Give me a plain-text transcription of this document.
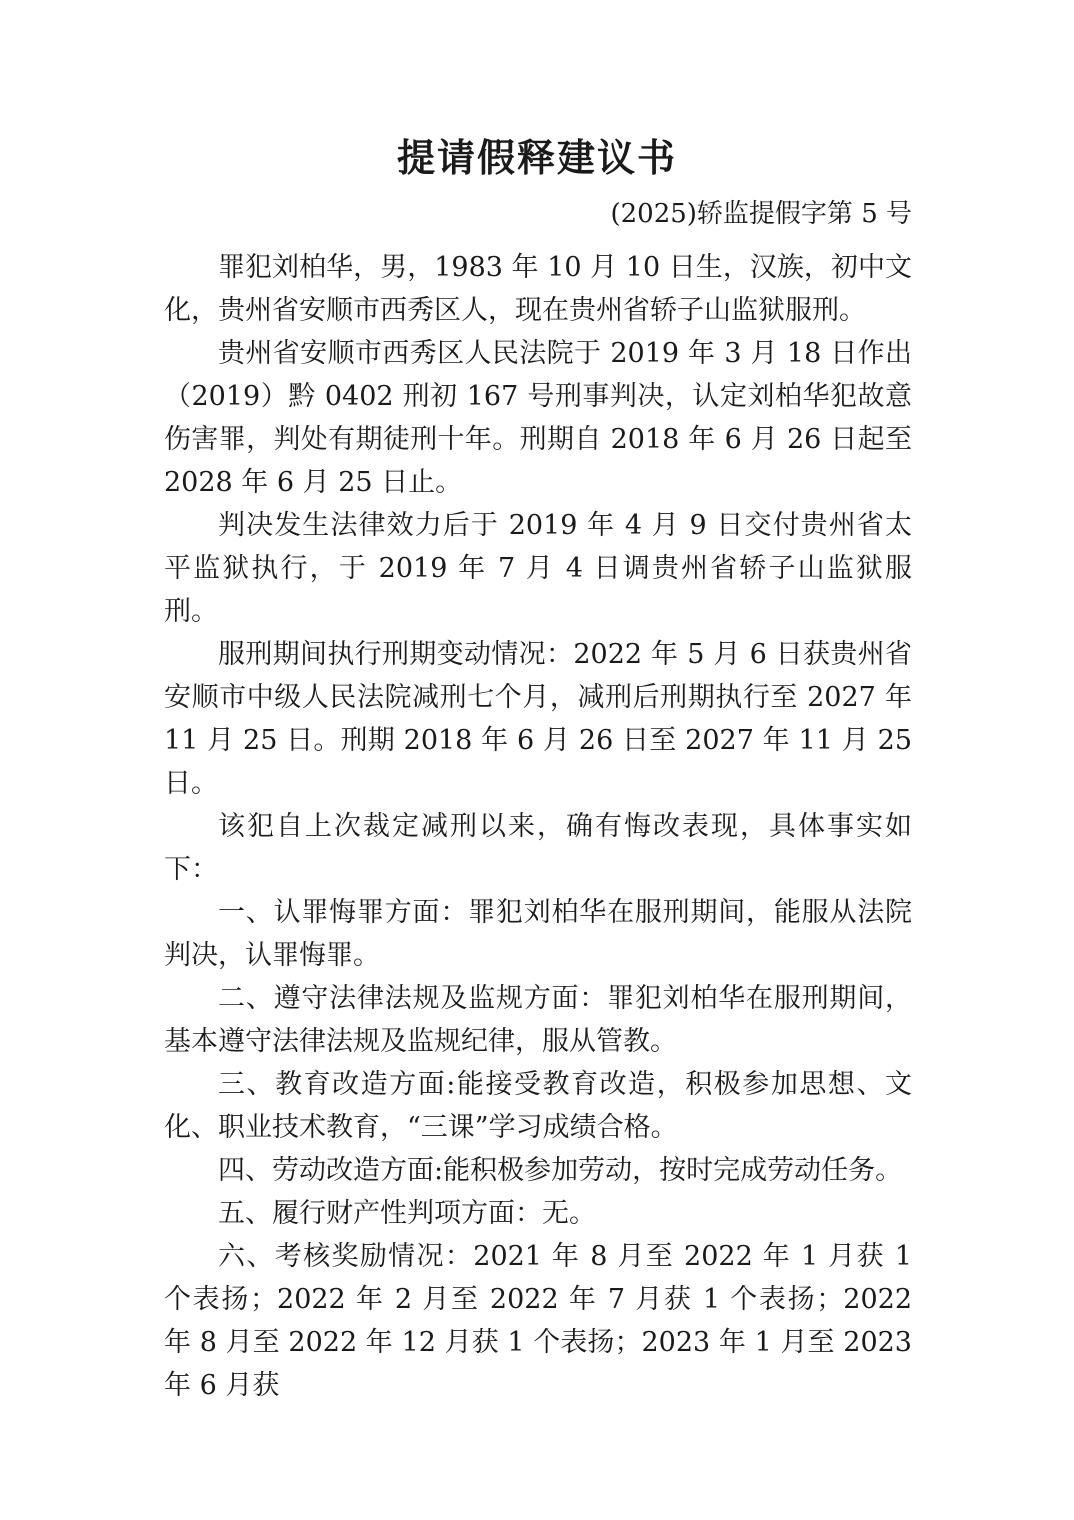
提请假释建议书
(2025)轿监提假字第 5 号

罪犯刘柏华，男，1983 年 10 月 10 日生，汉族，初中文化，贵州省安顺市西秀区人，现在贵州省轿子山监狱服刑。

贵州省安顺市西秀区人民法院于 2019 年 3 月 18 日作出（2019）黔 0402 刑初 167 号刑事判决，认定刘柏华犯故意伤害罪，判处有期徒刑十年。刑期自 2018 年 6 月 26 日起至 2028 年 6 月 25 日止。

判决发生法律效力后于 2019 年 4 月 9 日交付贵州省太平监狱执行，于 2019 年 7 月 4 日调贵州省轿子山监狱服刑。

服刑期间执行刑期变动情况：2022 年 5 月 6 日获贵州省安顺市中级人民法院减刑七个月，减刑后刑期执行至 2027 年 11 月 25 日。刑期 2018 年 6 月 26 日至 2027 年 11 月 25 日。

该犯自上次裁定减刑以来，确有悔改表现，具体事实如下：

一、认罪悔罪方面：罪犯刘柏华在服刑期间，能服从法院判决，认罪悔罪。

二、遵守法律法规及监规方面：罪犯刘柏华在服刑期间，基本遵守法律法规及监规纪律，服从管教。

三、教育改造方面:能接受教育改造，积极参加思想、文化、职业技术教育，“三课”学习成绩合格。

四、劳动改造方面:能积极参加劳动，按时完成劳动任务。

五、履行财产性判项方面：无。

六、考核奖励情况：2021 年 8 月至 2022 年 1 月获 1 个表扬；2022 年 2 月至 2022 年 7 月获 1 个表扬；2022 年 8 月至 2022 年 12 月获 1 个表扬；2023 年 1 月至 2023 年 6 月获
